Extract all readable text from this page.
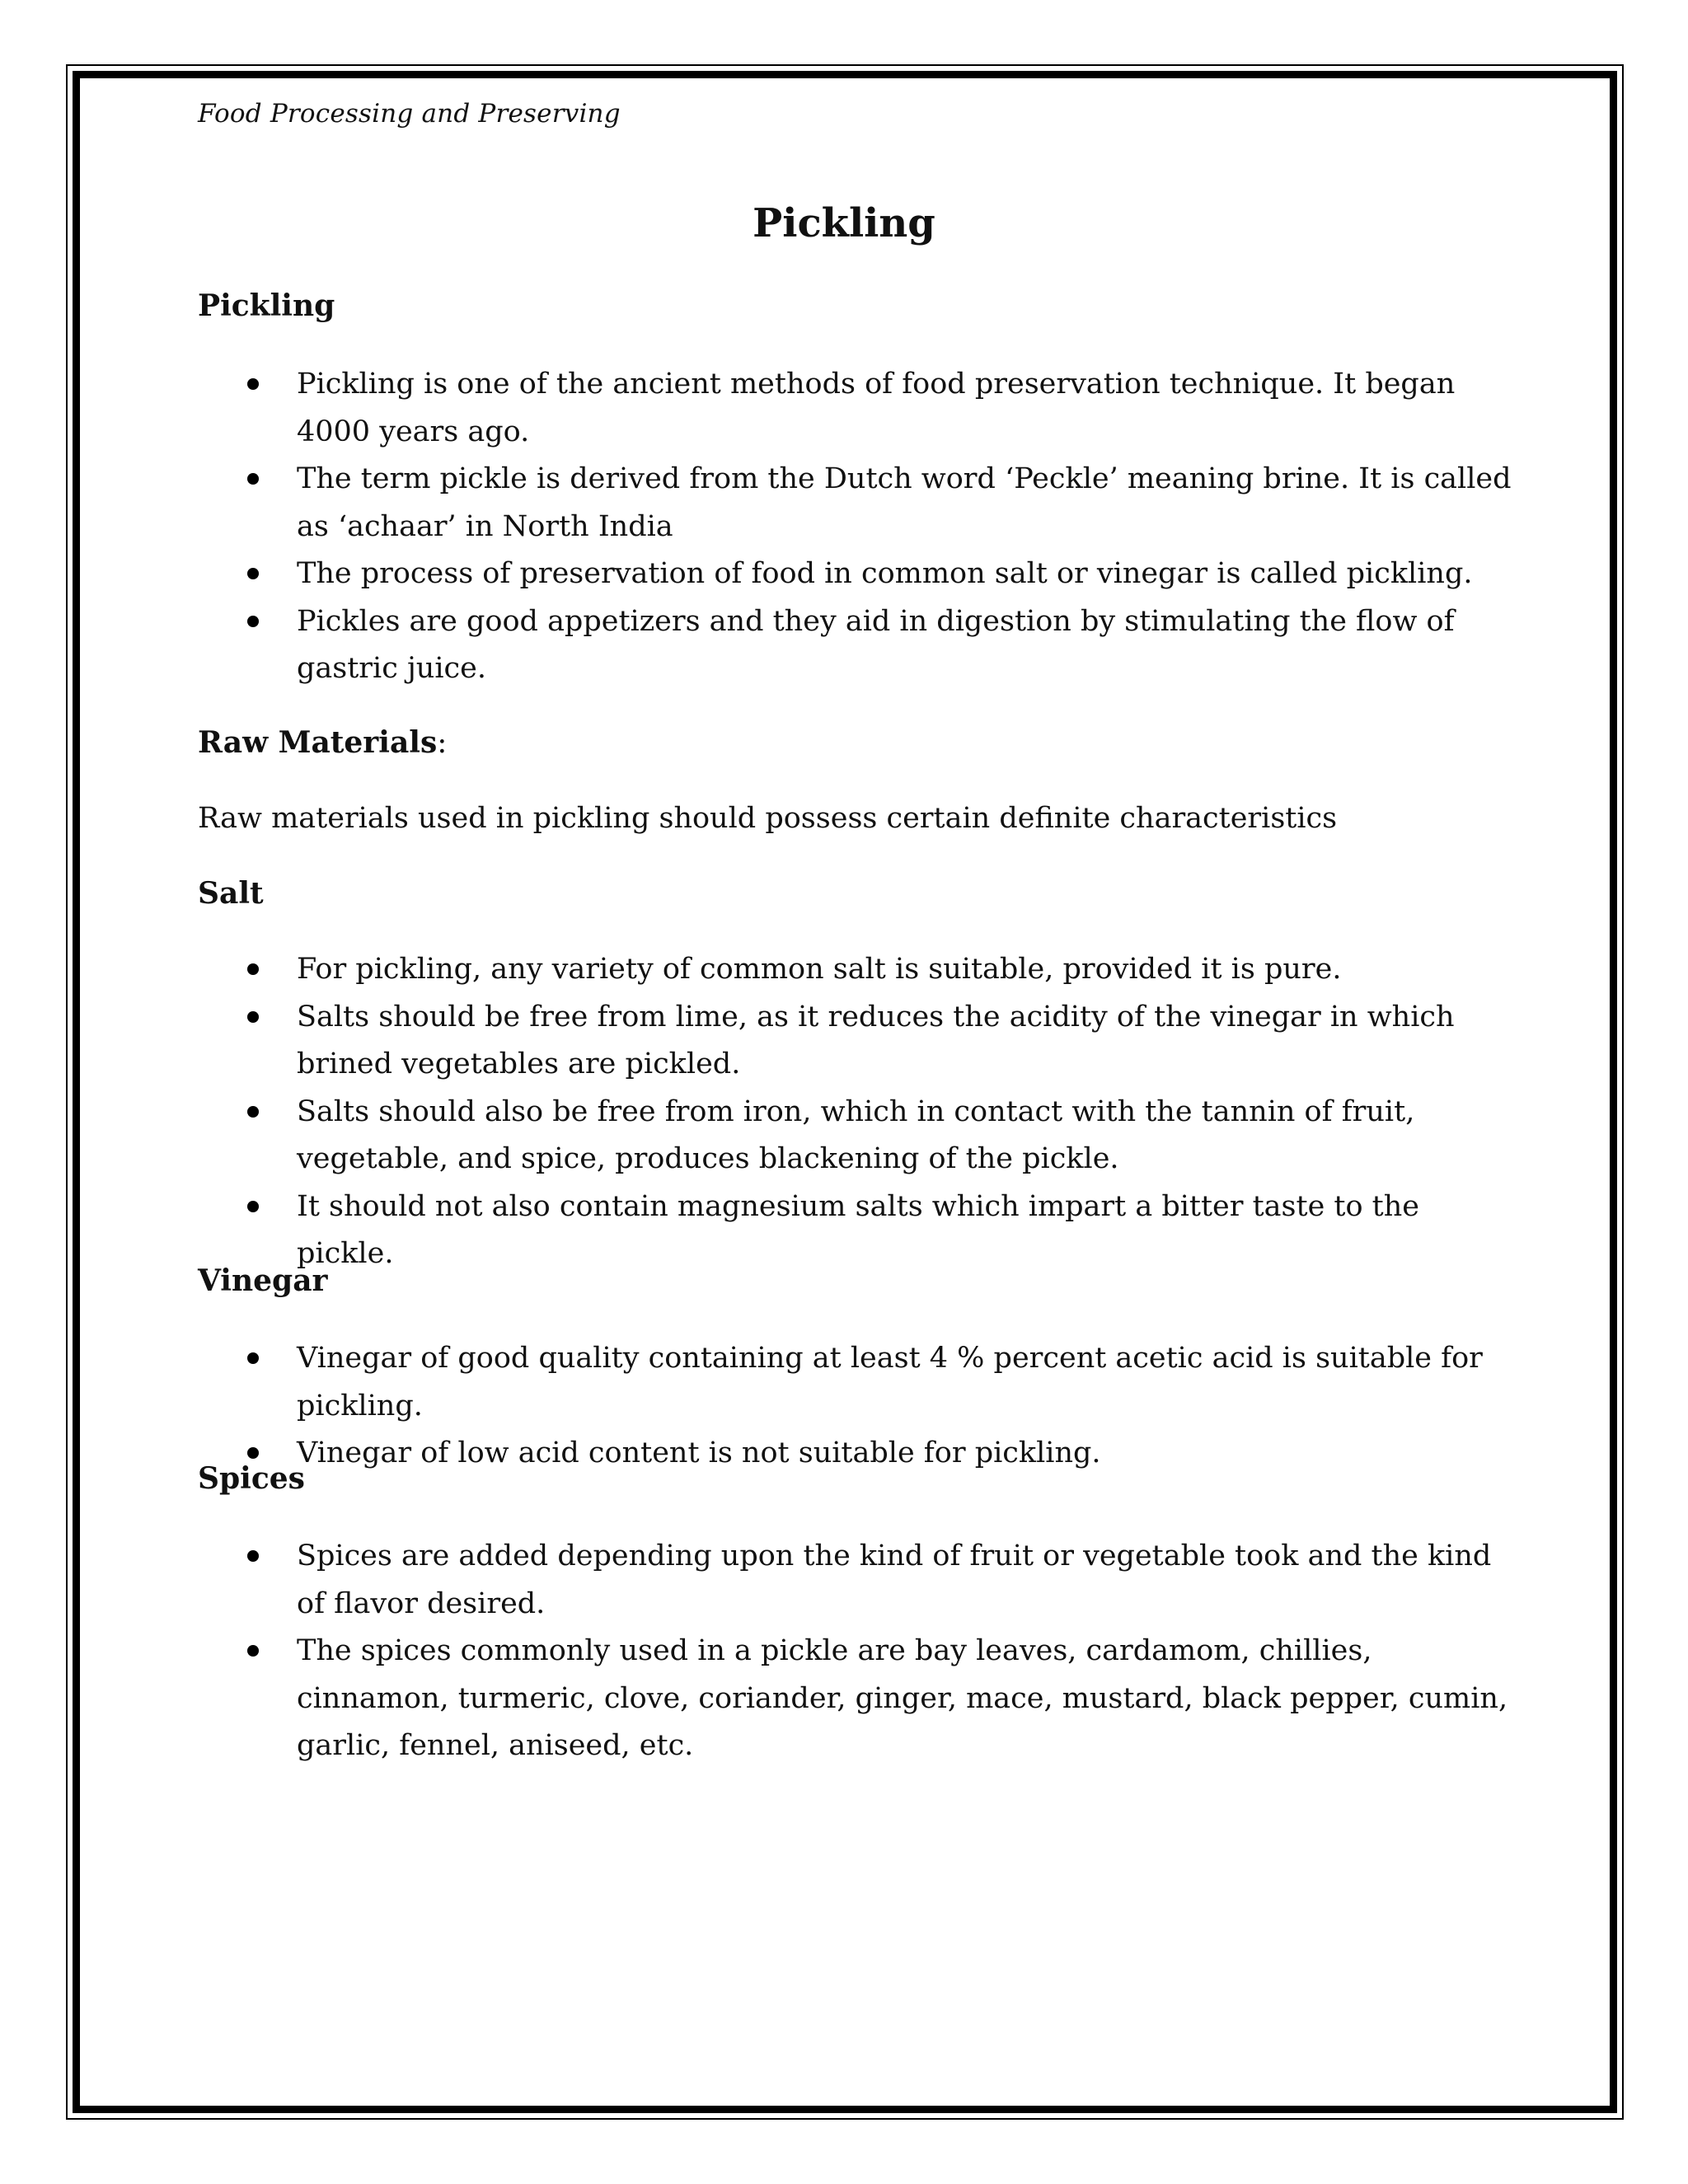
Food Processing and Preserving
Pickling
Pickling
Pickling is one of the ancient methods of food preservation technique. It began 4000 years ago.
The term pickle is derived from the Dutch word ‘Peckle’ meaning brine. It is called as ‘achaar’ in North India
The process of preservation of food in common salt or vinegar is called pickling.
Pickles are good appetizers and they aid in digestion by stimulating the flow of gastric juice.
Raw Materials:
Raw materials used in pickling should possess certain definite characteristics
Salt
For pickling, any variety of common salt is suitable, provided it is pure.
Salts should be free from lime, as it reduces the acidity of the vinegar in which brined vegetables are pickled.
Salts should also be free from iron, which in contact with the tannin of fruit, vegetable, and spice, produces blackening of the pickle.
It should not also contain magnesium salts which impart a bitter taste to the pickle.
Vinegar
Vinegar of good quality containing at least 4 % percent acetic acid is suitable for pickling.
Vinegar of low acid content is not suitable for pickling.
Spices
Spices are added depending upon the kind of fruit or vegetable took and the kind of flavor desired.
The spices commonly used in a pickle are bay leaves, cardamom, chillies, cinnamon, turmeric, clove, coriander, ginger, mace, mustard, black pepper, cumin, garlic, fennel, aniseed, etc.
